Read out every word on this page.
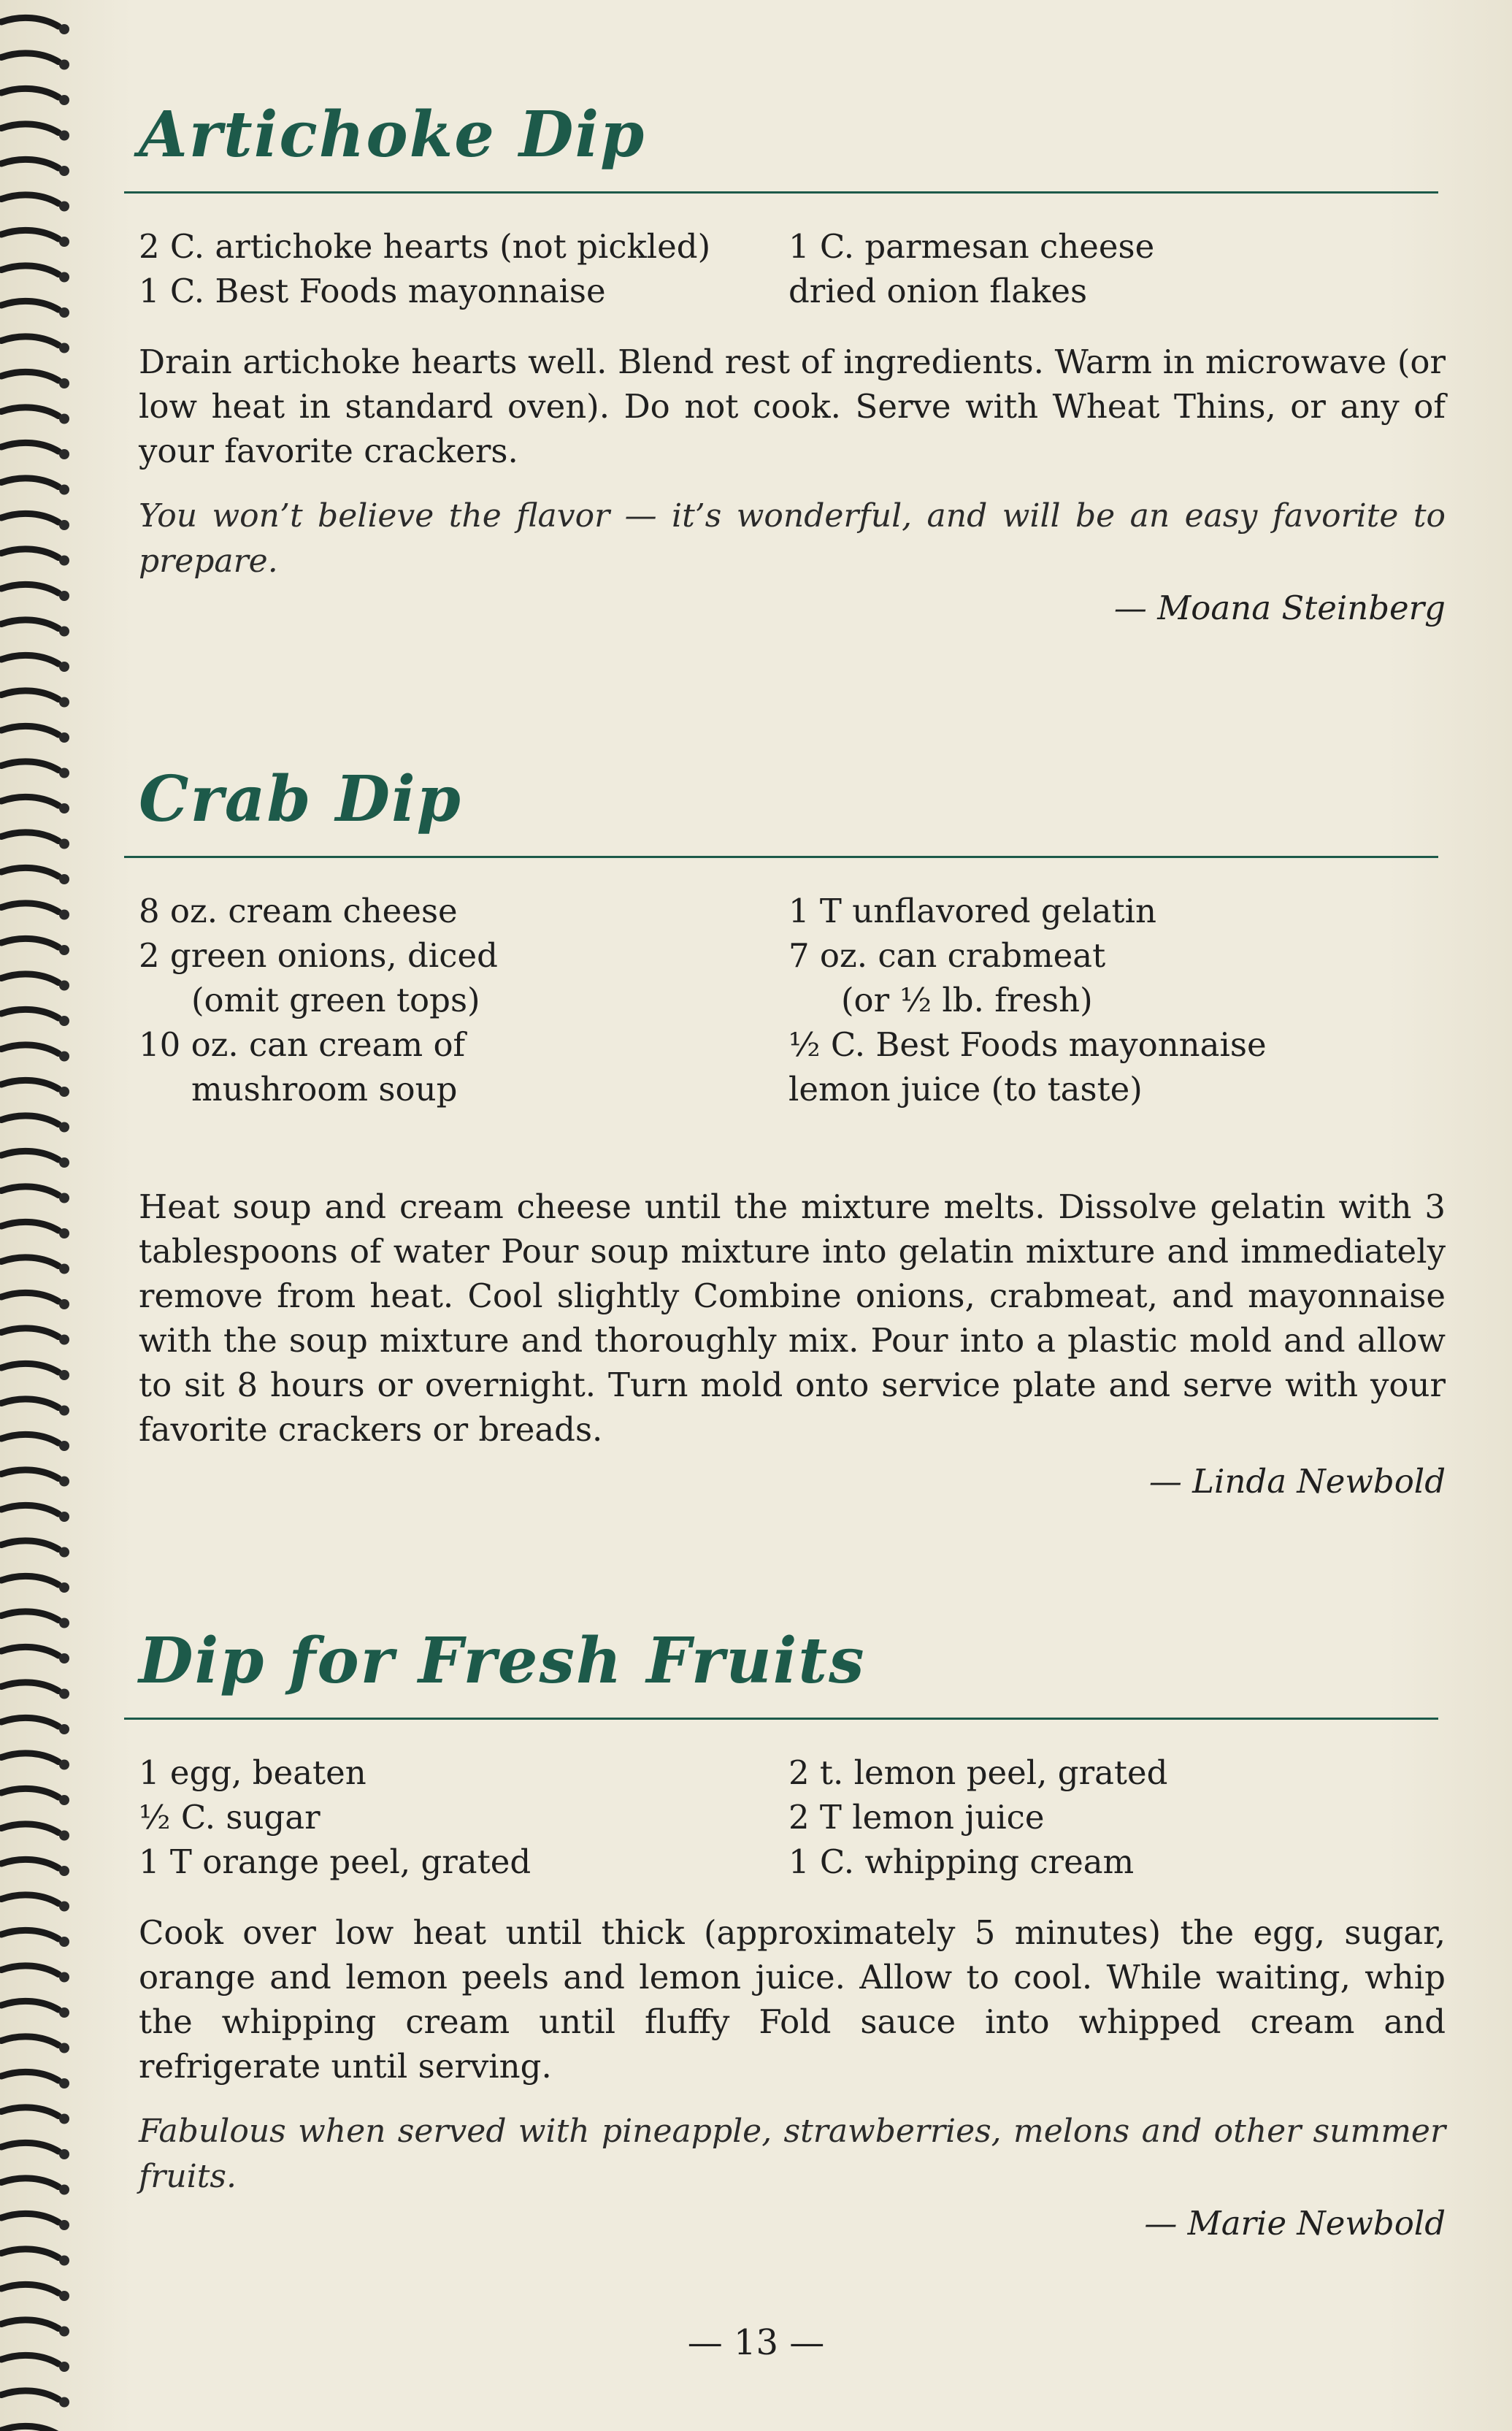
Artichoke Dip
2 C. artichoke hearts (not pickled)
1 C. Best Foods mayonnaise
1 C. parmesan cheese
dried onion flakes

Drain artichoke hearts well. Blend rest of ingredients. Warm in microwave (or low heat in standard oven). Do not cook. Serve with Wheat Thins, or any of your favorite crackers.

You won’t believe the flavor — it’s wonderful, and will be an easy favorite to prepare.

— Moana Steinberg
Crab Dip
8 oz. cream cheese
2 green onions, diced
(omit green tops)
10 oz. can cream of
mushroom soup
1 T unflavored gelatin
7 oz. can crabmeat
(or ½ lb. fresh)
½ C. Best Foods mayonnaise
lemon juice (to taste)

Heat soup and cream cheese until the mixture melts. Dissolve gelatin with 3 tablespoons of water Pour soup mixture into gelatin mixture and immediately remove from heat. Cool slightly Combine onions, crabmeat, and mayonnaise with the soup mixture and thoroughly mix. Pour into a plastic mold and allow to sit 8 hours or overnight. Turn mold onto service plate and serve with your favorite crackers or breads.

— Linda Newbold
Dip for Fresh Fruits
1 egg, beaten
½ C. sugar
1 T orange peel, grated
2 t. lemon peel, grated
2 T lemon juice
1 C. whipping cream

Cook over low heat until thick (approximately 5 minutes) the egg, sugar, orange and lemon peels and lemon juice. Allow to cool. While waiting, whip the whipping cream until fluffy Fold sauce into whipped cream and refrigerate until serving.

Fabulous when served with pineapple, strawberries, melons and other summer fruits.

— Marie Newbold
— 13 —
